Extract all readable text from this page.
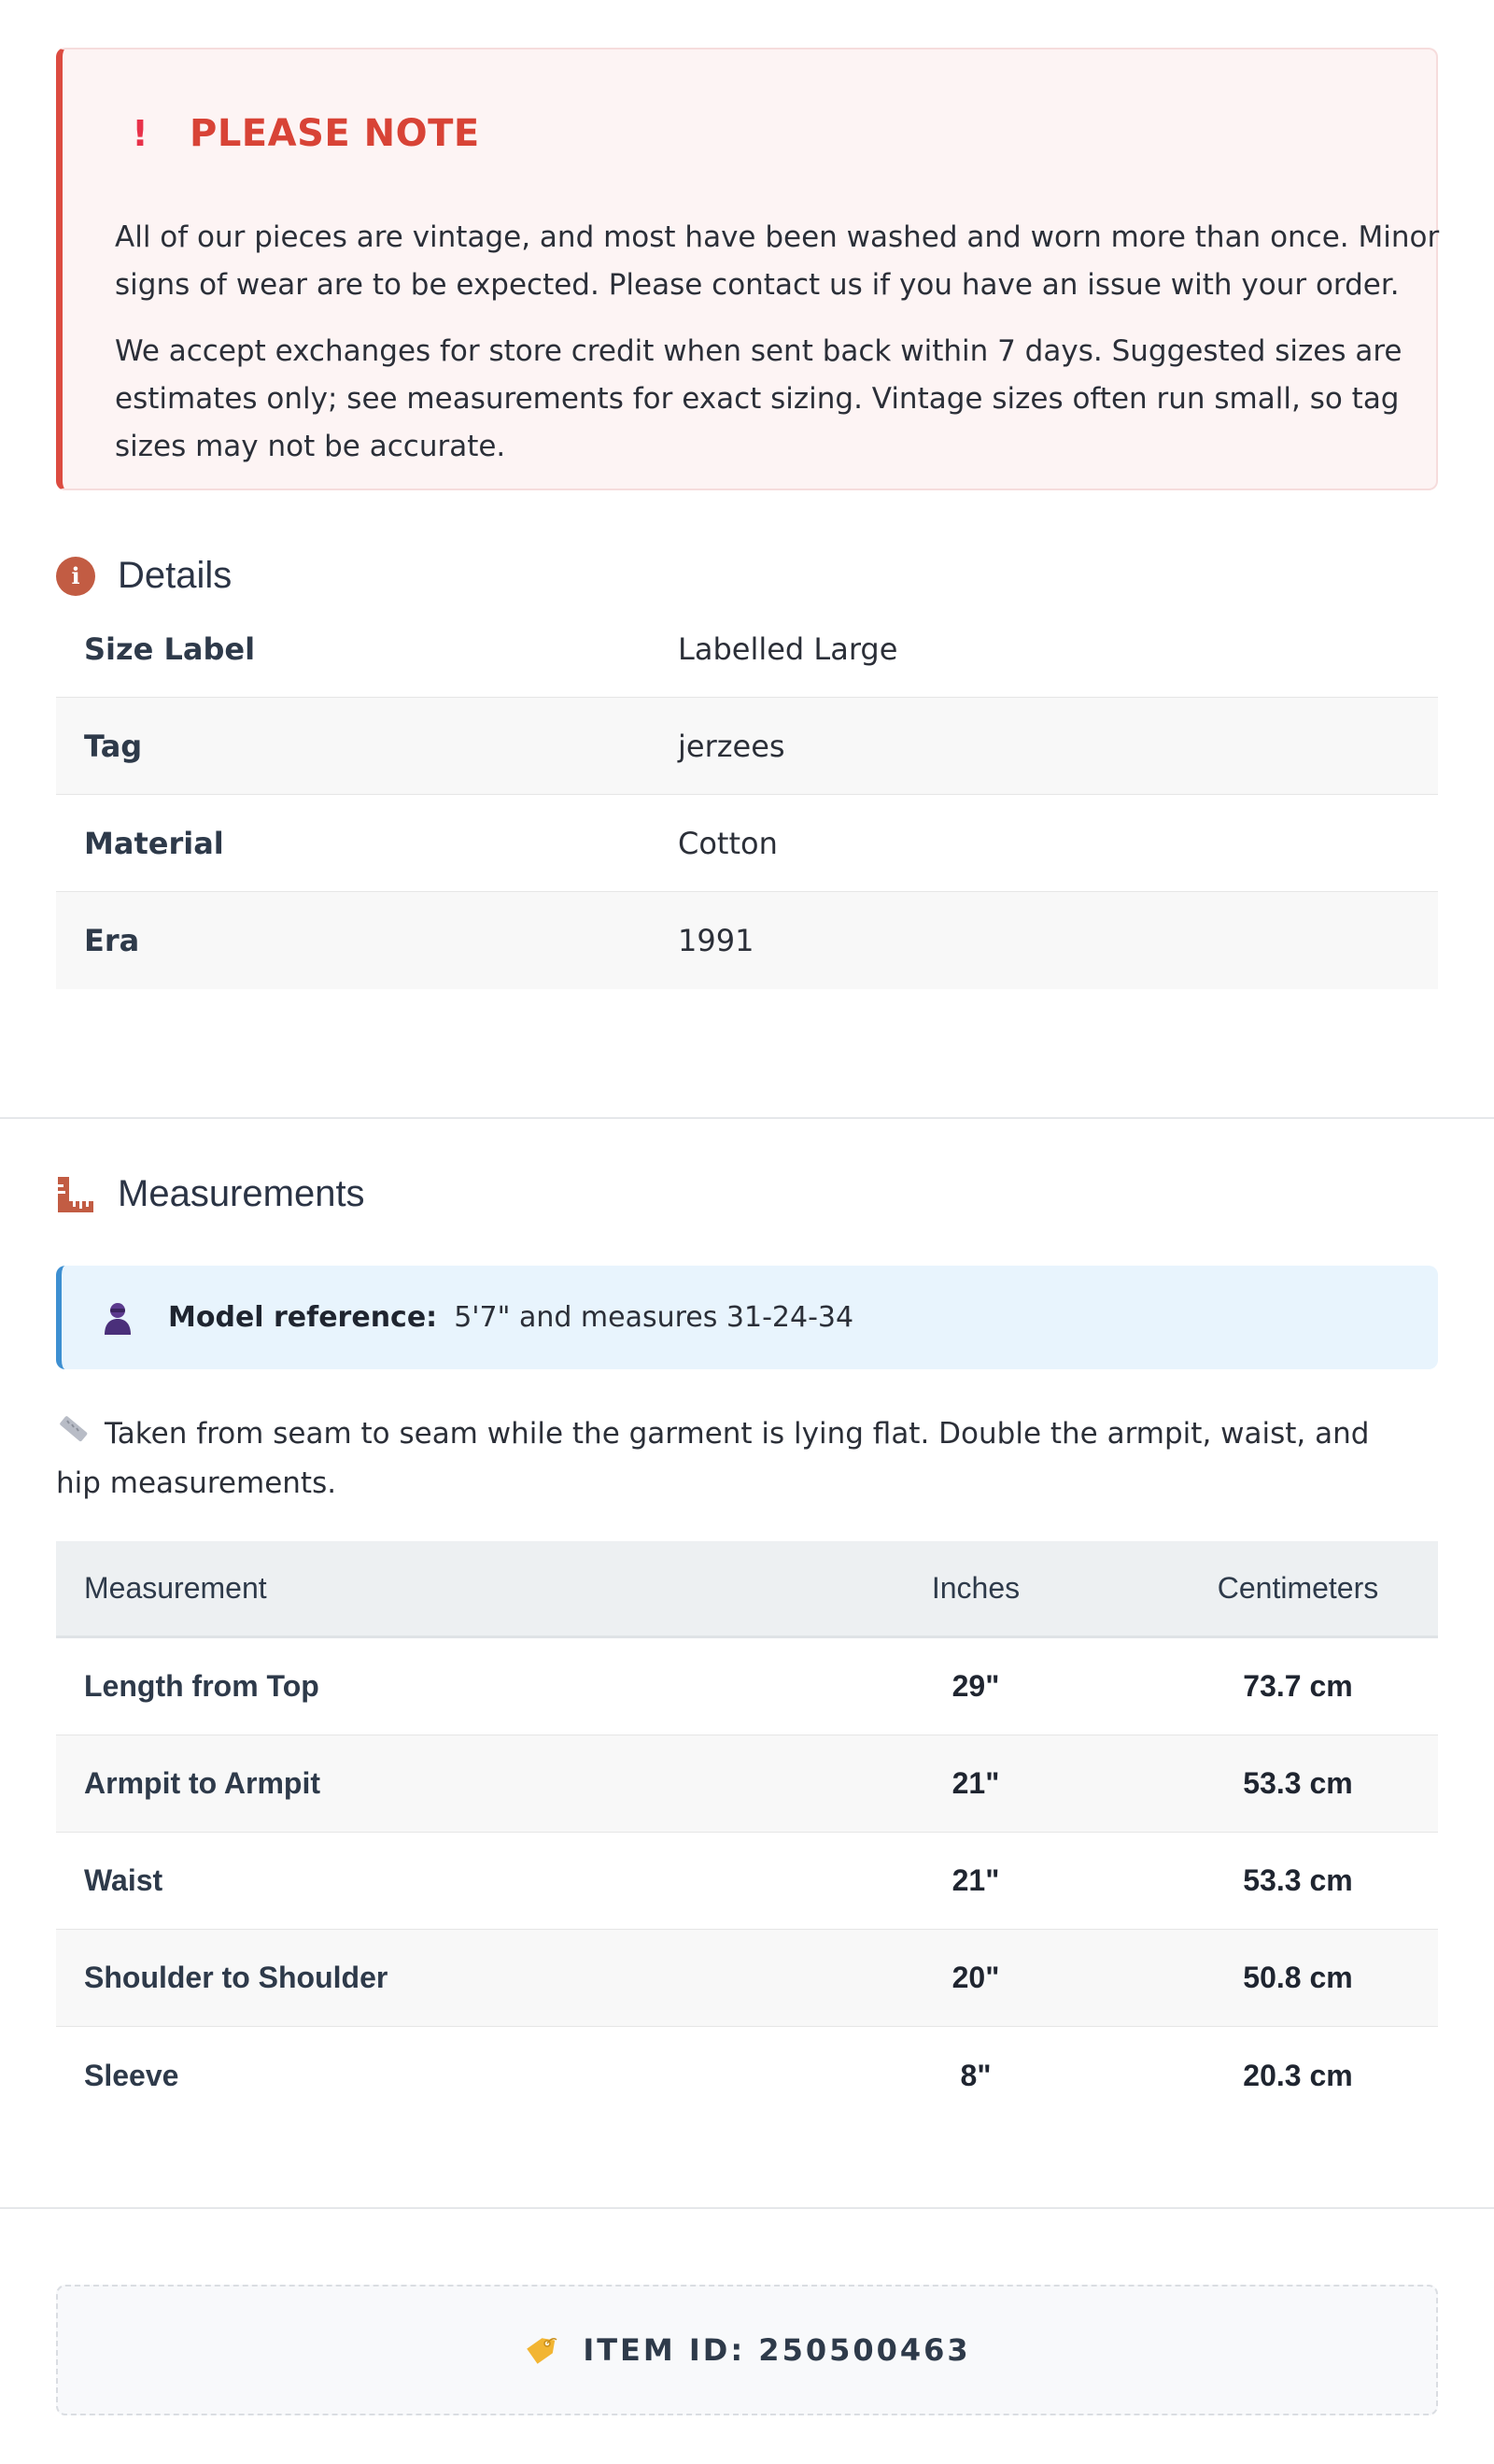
! PLEASE NOTE

All of our pieces are vintage, and most have been washed and worn more than once. Minor signs of wear are to be expected. Please contact us if you have an issue with your order.

We accept exchanges for store credit when sent back within 7 days. Suggested sizes are estimates only; see measurements for exact sizing. Vintage sizes often run small, so tag sizes may not be accurate.

i	Details
Size Label	Labelled Large
Tag	jerzees
Material	Cotton
Era	1991
Measurements
Model reference: 5'7" and measures 31-24-34

Taken from seam to seam while the garment is lying flat. Double the armpit, waist, and hip measurements.

Measurement	Inches	Centimeters
Length from Top	29"	73.7 cm
Armpit to Armpit	21"	53.3 cm
Waist	21"	53.3 cm
Shoulder to Shoulder	20"	50.8 cm
Sleeve	8"	20.3 cm
ITEM ID: 250500463
